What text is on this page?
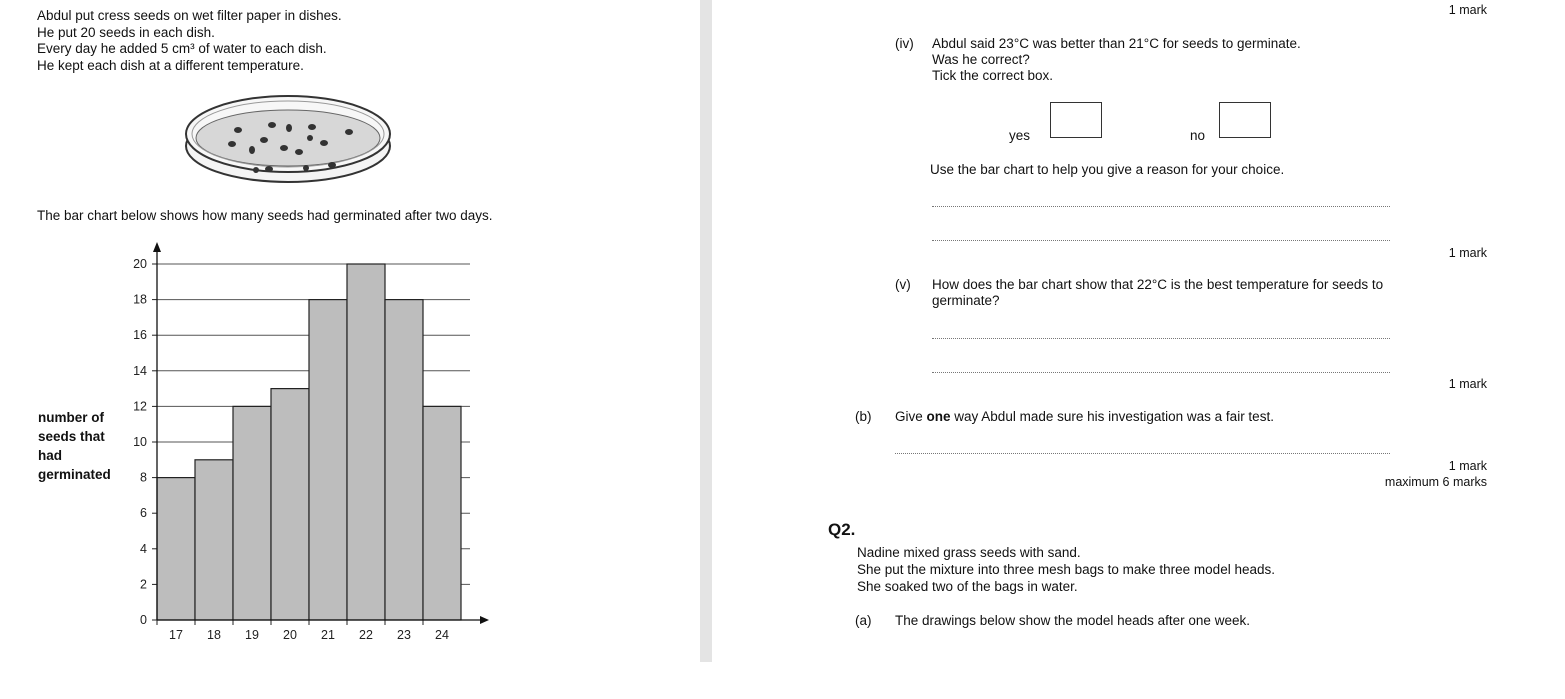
Abdul put cress seeds on wet filter paper in dishes.
He put 20 seeds in each dish.
Every day he added 5 cm³ of water to each dish.
He kept each dish at a different temperature.
The bar chart below shows how many seeds had germinated after two days.
number of
seeds that
had
germinated
0
2
4
6
8
10
12
14
16
18
20
17 18 19 20 21 22 23 24
1 mark
(iv) Abdul said 23°C was better than 21°C for seeds to germinate.
Was he correct?
Tick the correct box.
yes	no
Use the bar chart to help you give a reason for your choice.
1 mark
(v) How does the bar chart show that 22°C is the best temperature for seeds to
germinate?
1 mark
(b) Give one way Abdul made sure his investigation was a fair test.
1 mark
maximum 6 marks
Q2.
Nadine mixed grass seeds with sand.
She put the mixture into three mesh bags to make three model heads.
She soaked two of the bags in water.
(a) The drawings below show the model heads after one week.
